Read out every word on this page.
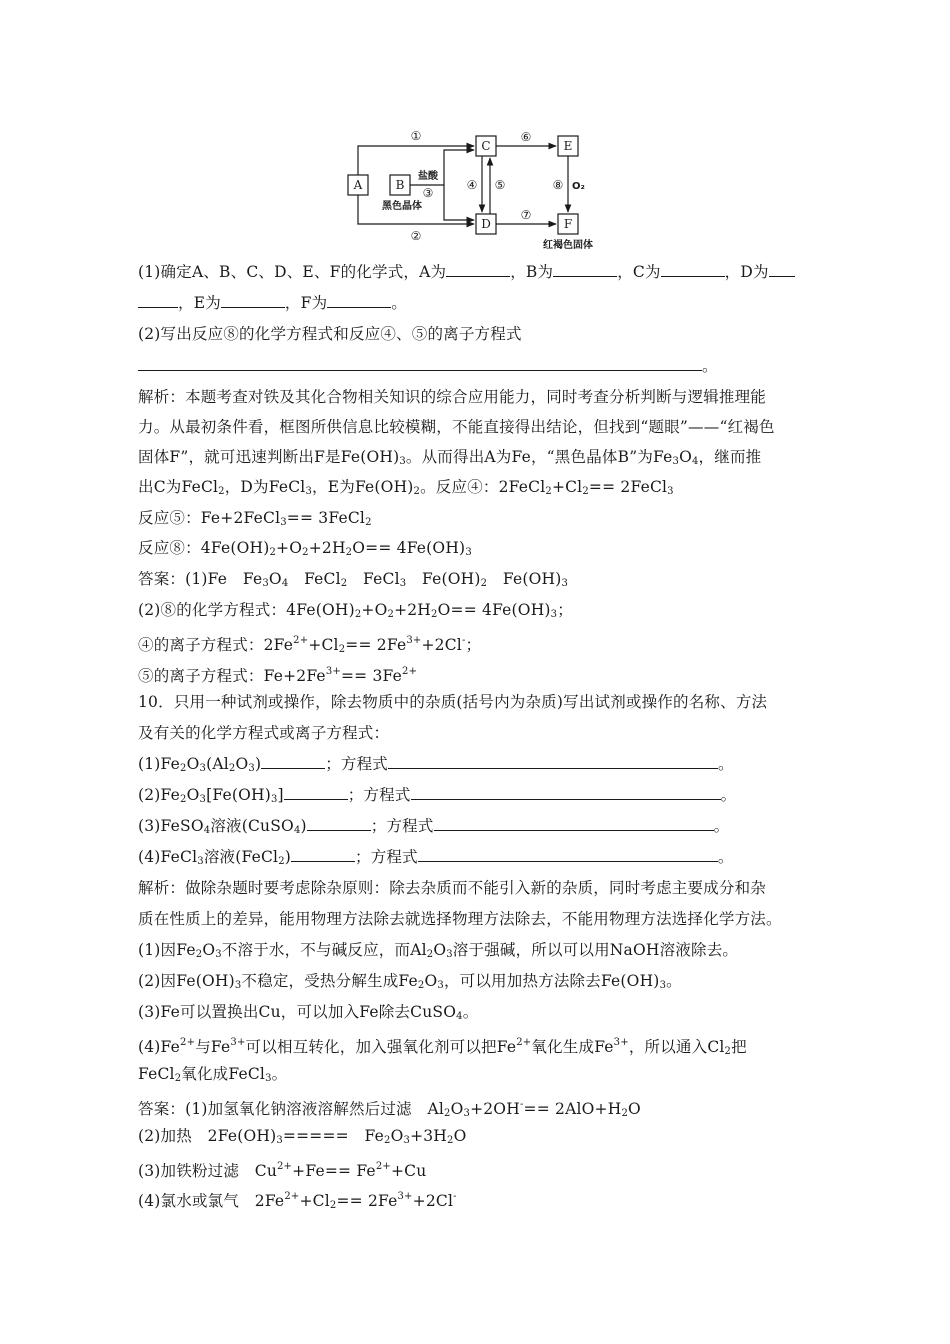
A	B
C
D
E
F
①
②
③
④ ⑤
⑥
⑦
⑧
盐酸
黑色晶体
O₂
红褐色固体
(1)确定A、B、C、D、E、F的化学式，A为	，B为	，C为	，D为
，E为	，F为	。
(2)写出反应⑧的化学方程式和反应④、⑤的离子方程式
。
解析：本题考查对铁及其化合物相关知识的综合应用能力，同时考查分析判断与逻辑推理能
力。从最初条件看，框图所供信息比较模糊，不能直接得出结论，但找到“题眼”——“红褐色
固体F”，就可迅速判断出F是$Fe(OH)_3$。从而得出A为Fe，“黑色晶体B”为$Fe_3O_4$，继而推
出C为FeCl$_2$，D为FeCl$_3$，E为$Fe(OH)_2$。反应④：$2FeCl_2+Cl_2==$ 2FeCl$_3$
反应⑤：Fe+2FeCl$_3$== 3FeCl$_2$
反应⑧：$4Fe(OH)_2+O_2+2H_2O== 4Fe(OH)_3$
答案：(1)Fe　$Fe_3O_4$　FeCl$_2$　FeCl$_3$　$Fe(OH)_2$　$Fe(OH)_3$
(2)⑧的化学方程式：$4Fe(OH)_2+O_2+2H_2O== 4Fe(OH)_3$；
④的离子方程式：$2Fe^{2+}+Cl_2== 2Fe^{3+}+2Cl^-$；
⑤的离子方程式：$Fe+2Fe^{3+}== 3Fe^{2+}$
10．只用一种试剂或操作，除去物质中的杂质(括号内为杂质)写出试剂或操作的名称、方法
及有关的化学方程式或离子方程式：
$(1)Fe_2O_3(Al_2O_3)$	；方程式	。
$(2)Fe_2O_3[Fe(OH)_3]$	；方程式	。
(3)FeSO$_4$溶液(CuSO$_4$)	；方程式	。
(4)FeCl$_3$溶液(FeCl$_2$)	；方程式	。
解析：做除杂题时要考虑除杂原则：除去杂质而不能引入新的杂质，同时考虑主要成分和杂
质在性质上的差异，能用物理方法除去就选择物理方法除去，不能用物理方法选择化学方法。
(1)因$Fe_2O_3$不溶于水，不与碱反应，而$Al_2O_3$溶于强碱，所以可以用NaOH溶液除去。
(2)因$Fe(OH)_3$不稳定，受热分解生成$Fe_2O_3$，可以用加热方法除去$Fe(OH)_3$。
(3)Fe可以置换出Cu，可以加入Fe除去CuSO$_4$。
$(4)Fe^{2+}$与$Fe^{3+}$可以相互转化，加入强氧化剂可以把$Fe^{2+}$氧化生成$Fe^{3+}$，所以通入$Cl_2$把
FeCl$_2$氧化成FeCl$_3$。
答案：(1)加氢氧化钠溶液溶解然后过滤　$Al_2O_3+2OH^-== 2AlO+H_2O$
(2)加热　$2Fe(OH)_3=====$　$Fe_2O_3+3H_2O$
(3)加铁粉过滤　$Cu^{2+}+Fe== Fe^{2+}+Cu$
(4)氯水或氯气　$2Fe^{2+}+Cl_2== 2Fe^{3+}+2Cl^-$
